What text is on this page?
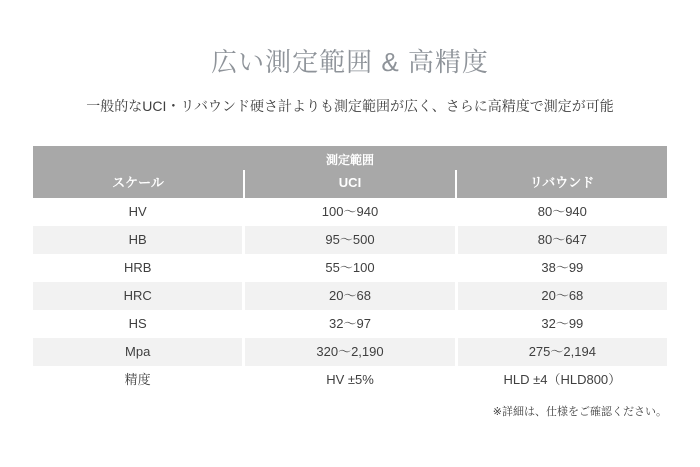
広い測定範囲 & 高精度

一般的なUCI・リバウンド硬さ計よりも測定範囲が広く、さらに高精度で測定が可能

測定範囲
スケール	UCI	リバウンド
HV	100～940	80～940
HB	95～500	80～647
HRB	55～100	38～99
HRC	20～68	20～68
HS	32～97	32～99
Mpa	320～2,190	275～2,194
精度	HV ±5%	HLD ±4（HLD800）
※詳細は、仕様をご確認ください。
